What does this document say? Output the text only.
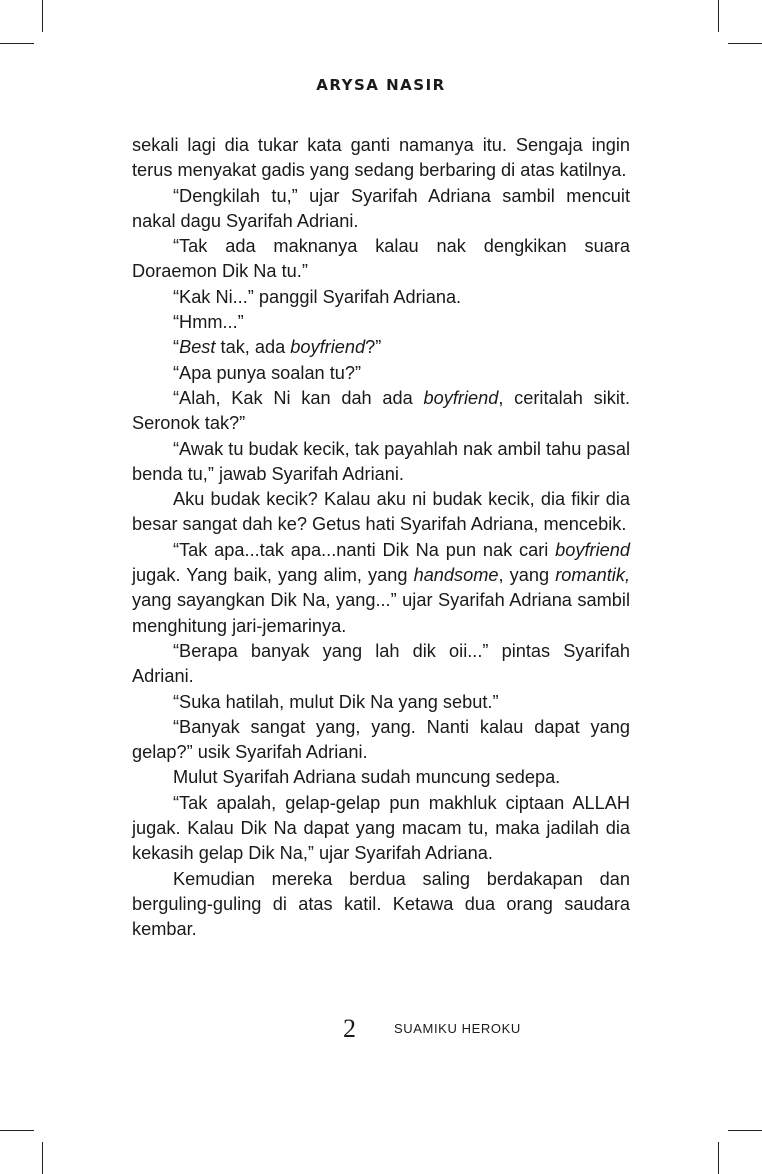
ARYSA NASIR

sekali lagi dia tukar kata ganti namanya itu. Sengaja ingin terus menyakat gadis yang sedang berbaring di atas katilnya.

“Dengkilah tu,” ujar Syarifah Adriana sambil mencuit nakal dagu Syarifah Adriani.

“Tak ada maknanya kalau nak dengkikan suara Doraemon Dik Na tu.”

“Kak Ni...” panggil Syarifah Adriana.

“Hmm...”

“Best tak, ada boyfriend?”

“Apa punya soalan tu?”

“Alah, Kak Ni kan dah ada boyfriend, ceritalah sikit. Seronok tak?”

“Awak tu budak kecik, tak payahlah nak ambil tahu pasal benda tu,” jawab Syarifah Adriani.

Aku budak kecik? Kalau aku ni budak kecik, dia fikir dia besar sangat dah ke? Getus hati Syarifah Adriana, mencebik.

“Tak apa...tak apa...nanti Dik Na pun nak cari boyfriend jugak. Yang baik, yang alim, yang handsome, yang romantik, yang sayangkan Dik Na, yang...” ujar Syarifah Adriana sambil menghitung jari-jemarinya.

“Berapa banyak yang lah dik oii...” pintas Syarifah Adriani.

“Suka hatilah, mulut Dik Na yang sebut.”

“Banyak sangat yang, yang. Nanti kalau dapat yang gelap?” usik Syarifah Adriani.

Mulut Syarifah Adriana sudah muncung sedepa.

“Tak apalah, gelap-gelap pun makhluk ciptaan ALLAH jugak. Kalau Dik Na dapat yang macam tu, maka jadilah dia kekasih gelap Dik Na,” ujar Syarifah Adriana.

Kemudian mereka berdua saling berdakapan dan berguling-guling di atas katil. Ketawa dua orang saudara kembar.

2	SUAMIKU HEROKU
